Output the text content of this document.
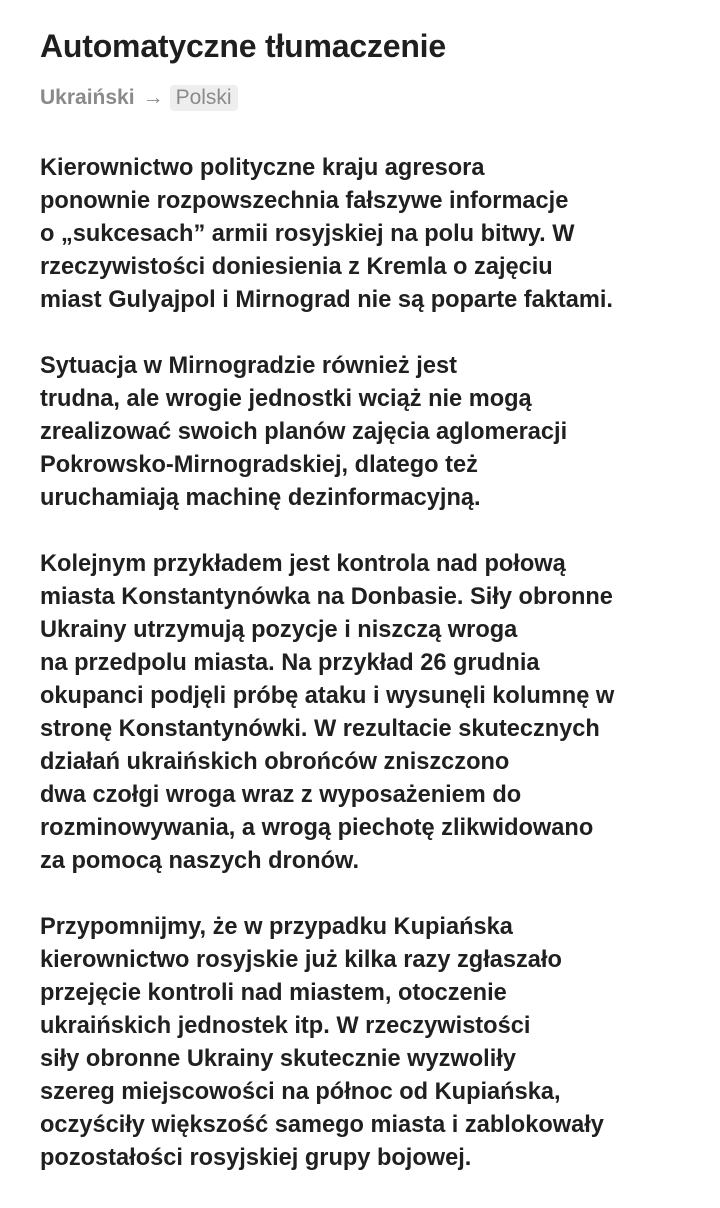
Automatyczne tłumaczenie
Ukraiński → Polski
Kierownictwo polityczne kraju agresora
ponownie rozpowszechnia fałszywe informacje
o „sukcesach” armii rosyjskiej na polu bitwy. W
rzeczywistości doniesienia z Kremla o zajęciu
miast Gulyajpol i Mirnograd nie są poparte faktami.
Sytuacja w Mirnogradzie również jest
trudna, ale wrogie jednostki wciąż nie mogą
zrealizować swoich planów zajęcia aglomeracji
Pokrowsko-Mirnogradskiej, dlatego też
uruchamiają machinę dezinformacyjną.
Kolejnym przykładem jest kontrola nad połową
miasta Konstantynówka na Donbasie. Siły obronne
Ukrainy utrzymują pozycje i niszczą wroga
na przedpolu miasta. Na przykład 26 grudnia
okupanci podjęli próbę ataku i wysunęli kolumnę w
stronę Konstantynówki. W rezultacie skutecznych
działań ukraińskich obrońców zniszczono
dwa czołgi wroga wraz z wyposażeniem do
rozminowywania, a wrogą piechotę zlikwidowano
za pomocą naszych dronów.
Przypomnijmy, że w przypadku Kupiańska
kierownictwo rosyjskie już kilka razy zgłaszało
przejęcie kontroli nad miastem, otoczenie
ukraińskich jednostek itp. W rzeczywistości
siły obronne Ukrainy skutecznie wyzwoliły
szereg miejscowości na północ od Kupiańska,
oczyściły większość samego miasta i zablokowały
pozostałości rosyjskiej grupy bojowej.
